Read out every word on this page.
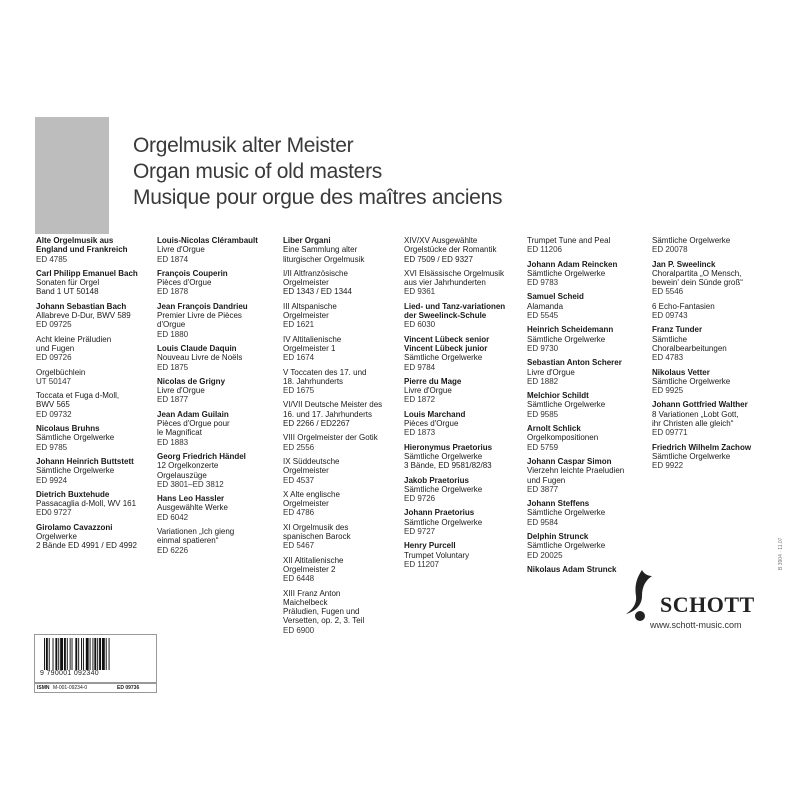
Orgelmusik alter Meister
Organ music of old masters
Musique pour orgue des maîtres anciens
Alte Orgelmusik aus England und Frankreich
ED 4785
Carl Philipp Emanuel Bach
Sonaten für Orgel
Band 1 UT 50148
Johann Sebastian Bach
Allabreve D-Dur, BWV 589
ED 09725
Acht kleine Präludien
und Fugen
ED 09726
Orgelbüchlein
UT 50147
Toccata et Fuga d-Moll,
BWV 565
ED 09732
Nicolaus Bruhns
Sämtliche Orgelwerke
ED 9785
Johann Heinrich Buttstett
Sämtliche Orgelwerke
ED 9924
Dietrich Buxtehude
Passacaglia d-Moll, WV 161
ED0 9727
Girolamo Cavazzoni
Orgelwerke
2 Bände ED 4991 / ED 4992
Louis-Nicolas Clérambault
Livre d'Orgue
ED 1874
François Couperin
Pièces d'Orgue
ED 1878
Jean François Dandrieu
Premier Livre de Pièces
d'Orgue
ED 1880
Louis Claude Daquin
Nouveau Livre de Noëls
ED 1875
Nicolas de Grigny
Livre d'Orgue
ED 1877
Jean Adam Guilain
Pièces d'Orgue pour
le Magnificat
ED 1883
Georg Friedrich Händel
12 Orgelkonzerte
Orgelauszüge
ED 3801–ED 3812
Hans Leo Hassler
Ausgewählte Werke
ED 6042
Variationen „Ich gieng
einmal spatieren“
ED 6226
Liber Organi
Eine Sammlung alter
liturgischer Orgelmusik
I/II Altfranzösische
Orgelmeister
ED 1343 / ED 1344
III Altspanische
Orgelmeister
ED 1621
IV Altitalienische
Orgelmeister 1
ED 1674
V Toccaten des 17. und
18. Jahrhunderts
ED 1675
VI/VII Deutsche Meister des
16. und 17. Jahrhunderts
ED 2266 / ED2267
VIII Orgelmeister der Gotik
ED 2556
IX Süddeutsche
Orgelmeister
ED 4537
X Alte englische
Orgelmeister
ED 4786
XI Orgelmusik des
spanischen Barock
ED 5467
XII Altitalienische
Orgelmeister 2
ED 6448
XIII Franz Anton
Maichelbeck
Präludien, Fugen und
Versetten, op. 2, 3. Teil
ED 6900
XIV/XV Ausgewählte
Orgelstücke der Romantik
ED 7509 / ED 9327
XVI Elsässische Orgelmusik
aus vier Jahrhunderten
ED 9361
Lied- und Tanz-variationen der Sweelinck-Schule
ED 6030
Vincent Lübeck senior Vincent Lübeck junior
Sämtliche Orgelwerke
ED 9784
Pierre du Mage
Livre d'Orgue
ED 1872
Louis Marchand
Pièces d'Orgue
ED 1873
Hieronymus Praetorius
Sämtliche Orgelwerke
3 Bände, ED 9581/82/83
Jakob Praetorius
Sämtliche Orgelwerke
ED 9726
Johann Praetorius
Sämtliche Orgelwerke
ED 9727
Henry Purcell
Trumpet Voluntary
ED 11207
Trumpet Tune and Peal
ED 11206
Johann Adam Reincken
Sämtliche Orgelwerke
ED 9783
Samuel Scheid
Alamanda
ED 5545
Heinrich Scheidemann
Sämtliche Orgelwerke
ED 9730
Sebastian Anton Scherer
Livre d'Orgue
ED 1882
Melchior Schildt
Sämtliche Orgelwerke
ED 9585
Arnolt Schlick
Orgelkompositionen
ED 5759
Johann Caspar Simon
Vierzehn leichte Praeludien
und Fugen
ED 3877
Johann Steffens
Sämtliche Orgelwerke
ED 9584
Delphin Strunck
Sämtliche Orgelwerke
ED 20025
Nikolaus Adam Strunck
Sämtliche Orgelwerke
ED 20078
Jan P. Sweelinck
Choralpartita „O Mensch,
bewein' dein Sünde groß“
ED 5546
6 Echo-Fantasien
ED 09743
Franz Tunder
Sämtliche
Choralbearbeitungen
ED 4783
Nikolaus Vetter
Sämtliche Orgelwerke
ED 9925
Johann Gottfried Walther
8 Variationen „Lobt Gott,
ihr Christen alle gleich“
ED 09771
Friedrich Wilhelm Zachow
Sämtliche Orgelwerke
ED 9922
SCHOTT
www.schott-music.com
B 3904 · 11.07
9 790001 092340
ISMN M-001-09234-0	ED 09736
